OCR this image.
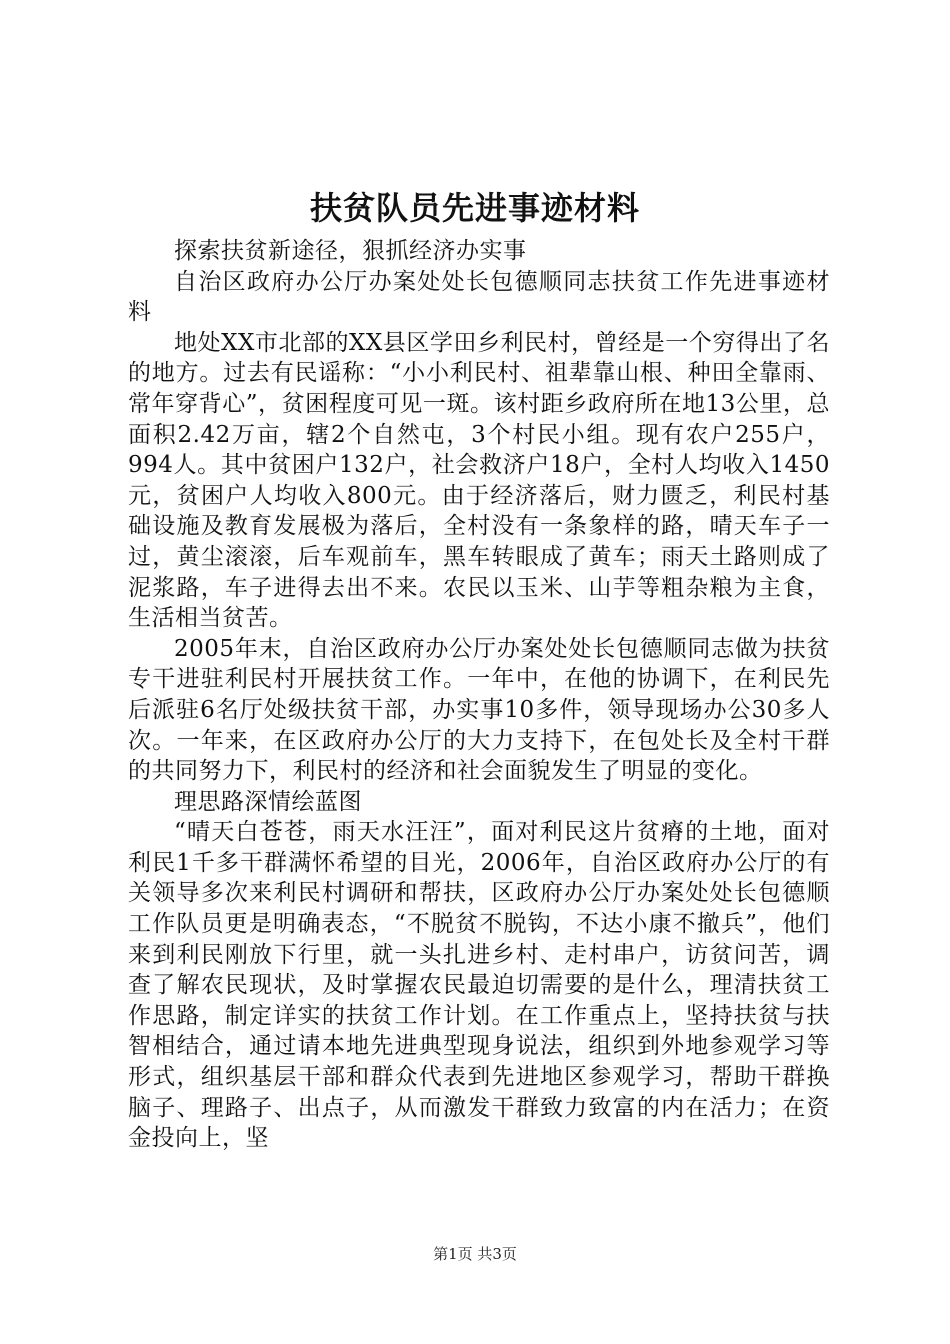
扶贫队员先进事迹材料

探索扶贫新途径，狠抓经济办实事

自治区政府办公厅办案处处长包德顺同志扶贫工作先进事迹材料

地处XX市北部的XX县区学田乡利民村，曾经是一个穷得出了名的地方。过去有民谣称：“小小利民村、祖辈靠山根、种田全靠雨、常年穿背心”，贫困程度可见一斑。该村距乡政府所在地13公里，总面积2.42万亩，辖2个自然屯，3个村民小组。现有农户255户，994人。其中贫困户132户，社会救济户18户，全村人均收入1450元，贫困户人均收入800元。由于经济落后，财力匮乏，利民村基础设施及教育发展极为落后，全村没有一条象样的路，晴天车子一过，黄尘滚滚，后车观前车，黑车转眼成了黄车；雨天土路则成了泥浆路，车子进得去出不来。农民以玉米、山芋等粗杂粮为主食，生活相当贫苦。

2005年末，自治区政府办公厅办案处处长包德顺同志做为扶贫专干进驻利民村开展扶贫工作。一年中，在他的协调下，在利民先后派驻6名厅处级扶贫干部，办实事10多件，领导现场办公30多人次。一年来，在区政府办公厅的大力支持下，在包处长及全村干群的共同努力下，利民村的经济和社会面貌发生了明显的变化。

理思路深情绘蓝图

“晴天白苍苍，雨天水汪汪”，面对利民这片贫瘠的土地，面对利民1千多干群满怀希望的目光，2006年，自治区政府办公厅的有关领导多次来利民村调研和帮扶，区政府办公厅办案处处长包德顺工作队员更是明确表态，“不脱贫不脱钩，不达小康不撤兵”，他们来到利民刚放下行里，就一头扎进乡村、走村串户，访贫问苦，调查了解农民现状，及时掌握农民最迫切需要的是什么，理清扶贫工作思路，制定详实的扶贫工作计划。在工作重点上，坚持扶贫与扶智相结合，通过请本地先进典型现身说法，组织到外地参观学习等形式，组织基层干部和群众代表到先进地区参观学习，帮助干群换脑子、理路子、出点子，从而激发干群致力致富的内在活力；在资金投向上，坚

第1页 共3页
